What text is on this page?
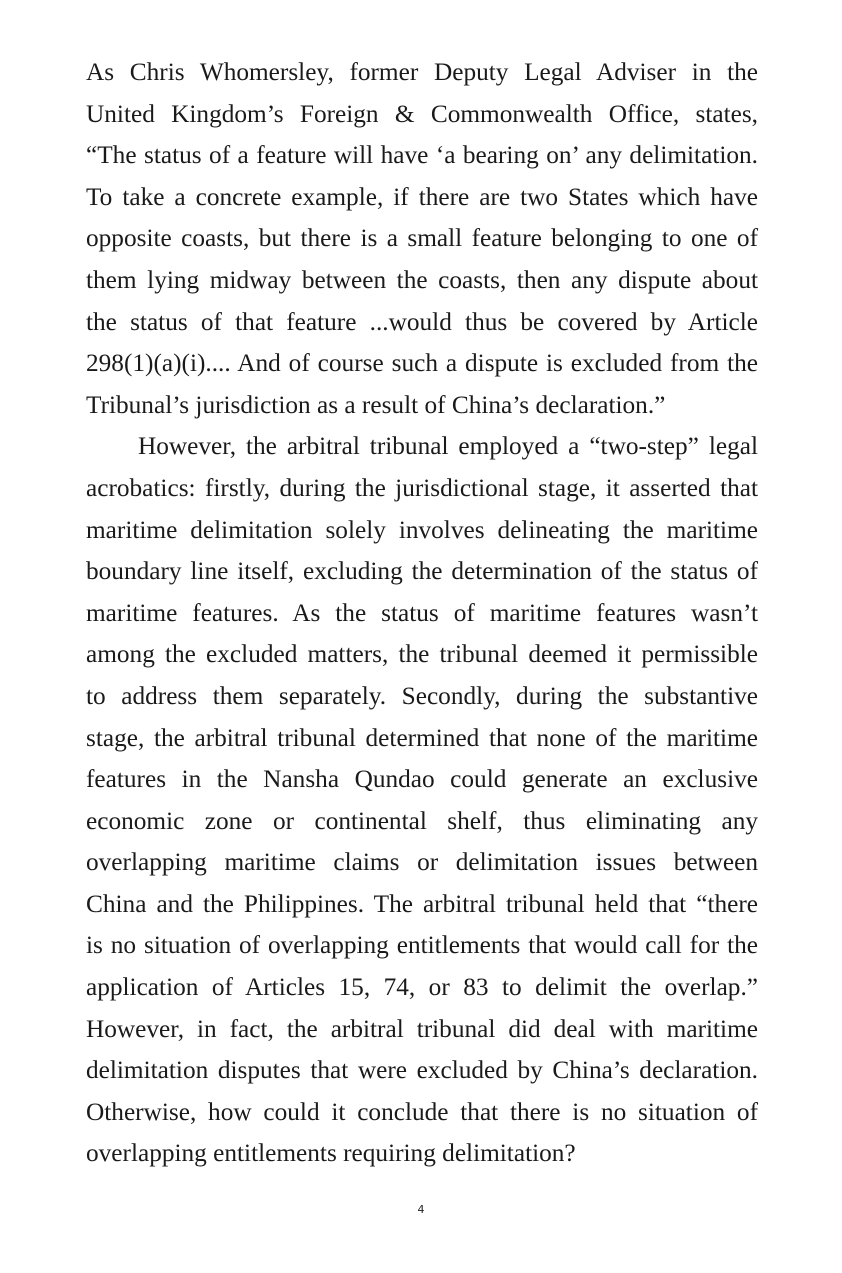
As Chris Whomersley, former Deputy Legal Adviser in the
United Kingdom’s Foreign & Commonwealth Office, states,
“The status of a feature will have ‘a bearing on’ any delimitation.
To take a concrete example, if there are two States which have
opposite coasts, but there is a small feature belonging to one of
them lying midway between the coasts, then any dispute about
the status of that feature ...would thus be covered by Article
298(1)(a)(i).... And of course such a dispute is excluded from the
Tribunal’s jurisdiction as a result of China’s declaration.”
However, the arbitral tribunal employed a “two-step” legal
acrobatics: firstly, during the jurisdictional stage, it asserted that
maritime delimitation solely involves delineating the maritime
boundary line itself, excluding the determination of the status of
maritime features. As the status of maritime features wasn’t
among the excluded matters, the tribunal deemed it permissible
to address them separately. Secondly, during the substantive
stage, the arbitral tribunal determined that none of the maritime
features in the Nansha Qundao could generate an exclusive
economic zone or continental shelf, thus eliminating any
overlapping maritime claims or delimitation issues between
China and the Philippines. The arbitral tribunal held that “there
is no situation of overlapping entitlements that would call for the
application of Articles 15, 74, or 83 to delimit the overlap.”
However, in fact, the arbitral tribunal did deal with maritime
delimitation disputes that were excluded by China’s declaration.
Otherwise, how could it conclude that there is no situation of
overlapping entitlements requiring delimitation?
4
